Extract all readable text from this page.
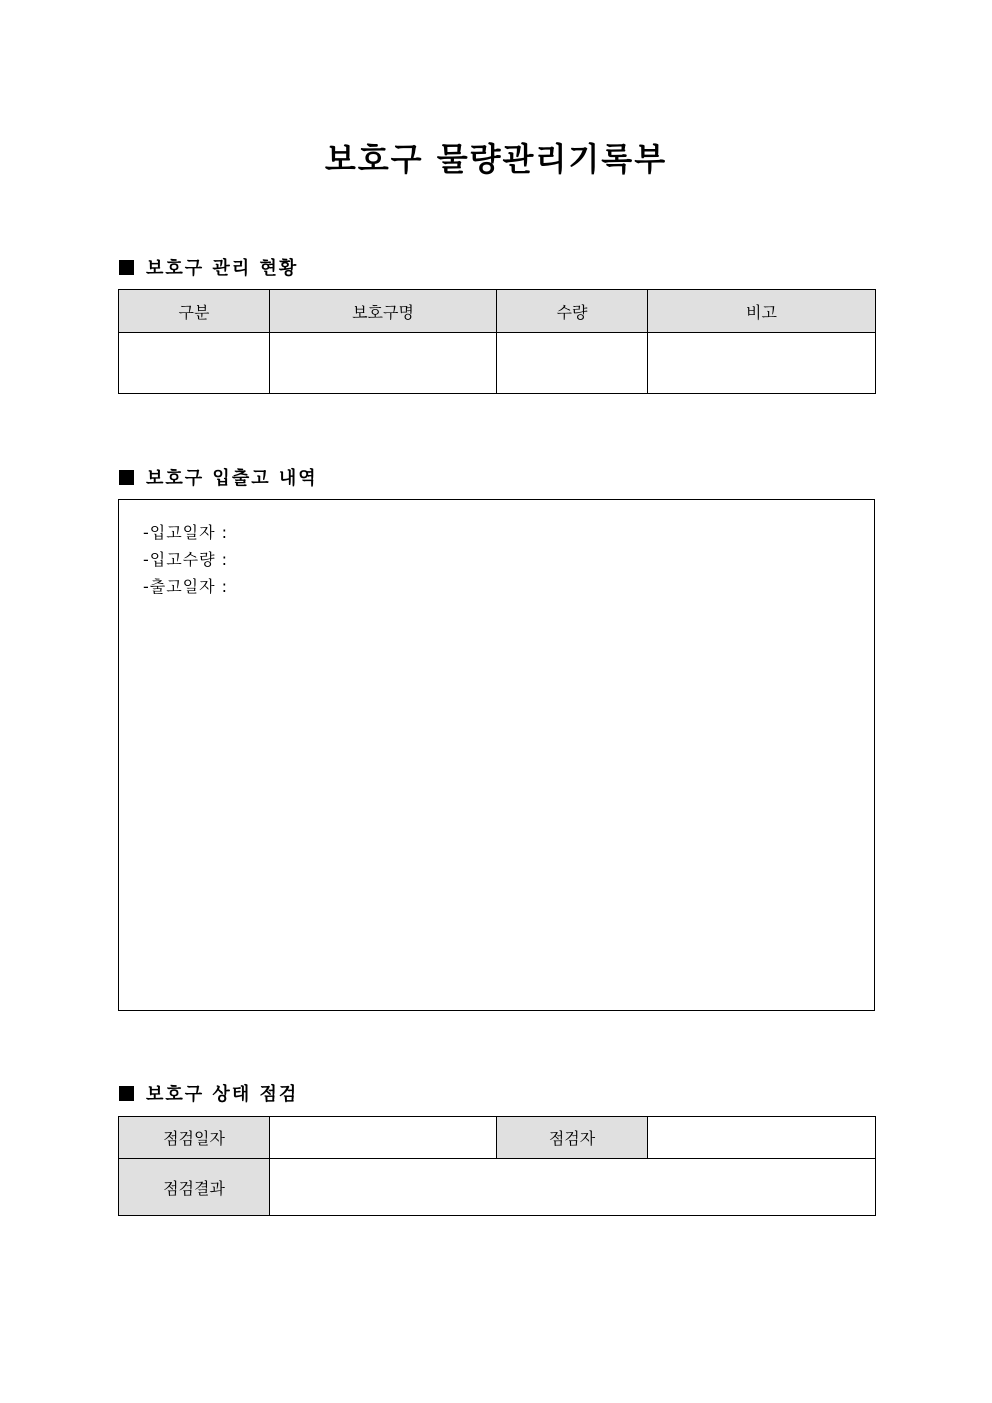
보호구 물량관리기록부
보호구 관리 현황
구분	보호구명	수량	비고

보호구 입출고 내역
-입고일자 :
-입고수량 :
-출고일자 :
보호구 상태 점검
점검일자		점검자	
점검결과			
